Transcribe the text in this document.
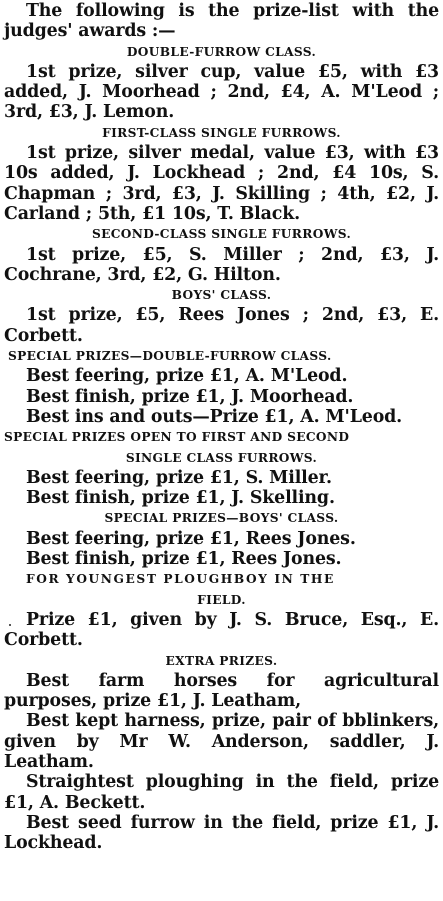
The following is the prize-list with the judges' awards :—

DOUBLE-FURROW CLASS.

1st prize, silver cup, value £5, with £3 added, J. Moorhead ; 2nd, £4, A. M'Leod ; 3rd, £3, J. Lemon.

FIRST-CLASS SINGLE FURROWS.

1st prize, silver medal, value £3, with £3 10s added, J. Lockhead ; 2nd, £4 10s, S. Chapman ; 3rd, £3, J. Skilling ; 4th, £2, J. Carland ; 5th, £1 10s, T. Black.

SECOND-CLASS SINGLE FURROWS.

1st prize, £5, S. Miller ; 2nd, £3, J. Cochrane, 3rd, £2, G. Hilton.

BOYS' CLASS.

1st prize, £5, Rees Jones ; 2nd, £3, E. Corbett.

SPECIAL PRIZES—DOUBLE-FURROW CLASS.

Best feering, prize £1, A. M'Leod.

Best finish, prize £1, J. Moorhead.

Best ins and outs—Prize £1, A. M'Leod.

SPECIAL PRIZES OPEN TO FIRST AND SECOND

SINGLE CLASS FURROWS.

Best feering, prize £1, S. Miller.

Best finish, prize £1, J. Skelling.

SPECIAL PRIZES—BOYS' CLASS.

Best feering, prize £1, Rees Jones.

Best finish, prize £1, Rees Jones.

FOR YOUNGEST PLOUGHBOY IN THE

FIELD.

Prize £1, given by J. S. Bruce, Esq., E. Corbett.

EXTRA PRIZES.

Best farm horses for agricultural purposes, prize £1, J. Leatham,

Best kept harness, prize, pair of bblinkers, given by Mr W. Anderson, saddler, J. Leatham.

Straightest ploughing in the field, prize £1, A. Beckett.

Best seed furrow in the field, prize £1, J. Lockhead.
